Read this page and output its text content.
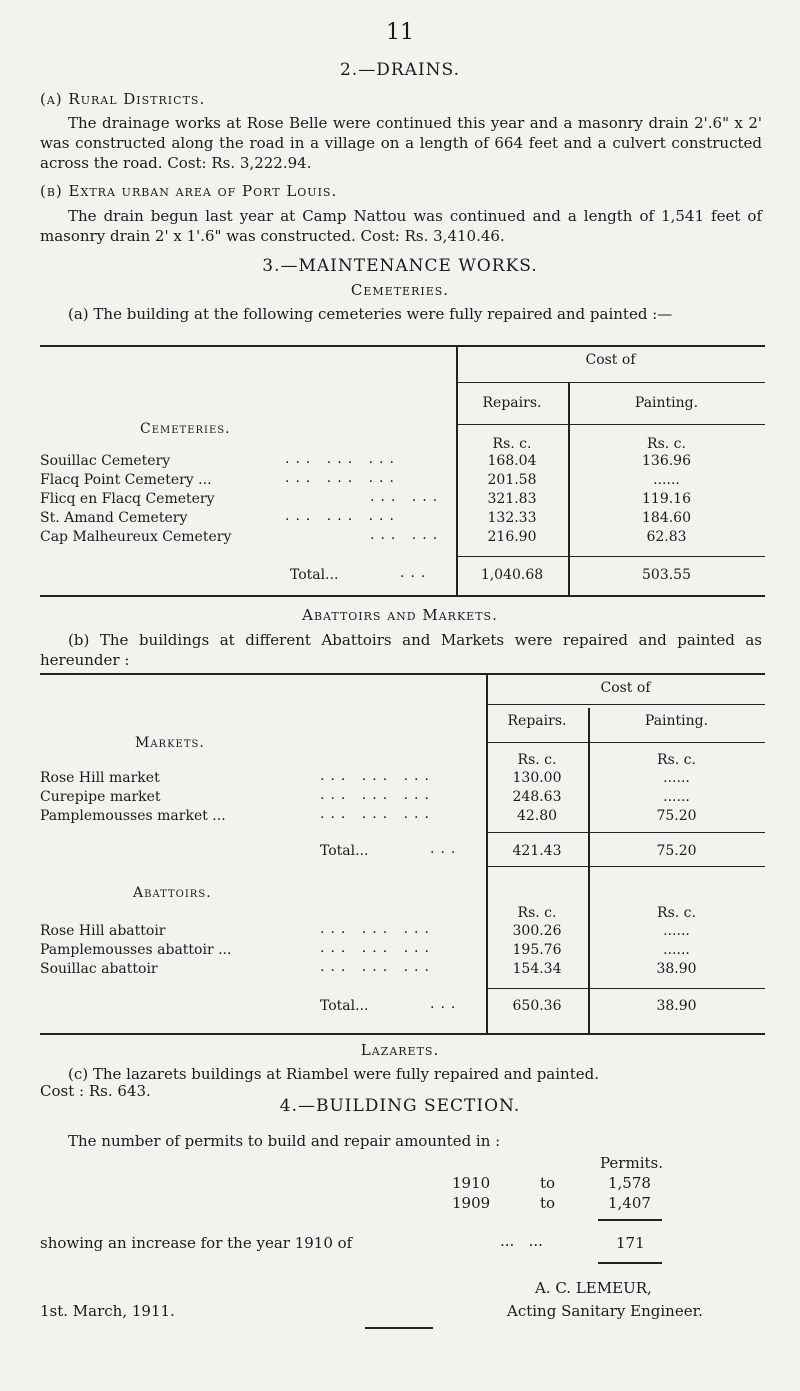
11
2.—DRAINS.
(a) Rural Districts.

The drainage works at Rose Belle were continued this year and a masonry drain 2'.6" x 2' was constructed along the road in a village on a length of 664 feet and a culvert constructed across the road. Cost: Rs. 3,222.94.

(b) Extra urban area of Port Louis.

The drain begun last year at Camp Nattou was continued and a length of 1,541 feet of masonry drain 2' x 1'.6" was constructed. Cost: Rs. 3,410.46.

3.—MAINTENANCE WORKS.
Cemeteries.

(a) The building at the following cemeteries were fully repaired and painted :—

Cost of
Repairs.	Painting.
Cemeteries.
Rs. c.	Rs. c.
Souillac Cemetery	... ... ...	168.04	136.96
Flacq Point Cemetery ...	... ... ...	201.58	......
Flicq en Flacq Cemetery	... ...	321.83	119.16
St. Amand Cemetery	... ... ...	132.33	184.60
Cap Malheureux Cemetery	... ...	216.90	62.83
Total...	...	1,040.68	503.55
Abattoirs and Markets.

(b) The buildings at different Abattoirs and Markets were repaired and painted as hereunder :

Cost of
Repairs.	Painting.
Markets.
Rs. c.	Rs. c.
Rose Hill market	... ... ...	130.00	......
Curepipe market	... ... ...	248.63	......
Pamplemousses market ...	... ... ...	42.80	75.20
Total...	...	421.43	75.20
Abattoirs.
Rs. c.	Rs. c.
Rose Hill abattoir	... ... ...	300.26	......
Pamplemousses abattoir ...	... ... ...	195.76	......
Souillac abattoir	... ... ...	154.34	38.90
Total...	...	650.36	38.90
Lazarets.

(c) The lazarets buildings at Riambel were fully repaired and painted.

Cost : Rs. 643.
4.—BUILDING SECTION.

The number of permits to build and repair amounted in :

Permits.
1910	to	1,578
1909	to	1,407
showing an increase for the year 1910 of	...   ...	171
A. C. LEMEUR,
1st. March, 1911.	Acting Sanitary Engineer.
